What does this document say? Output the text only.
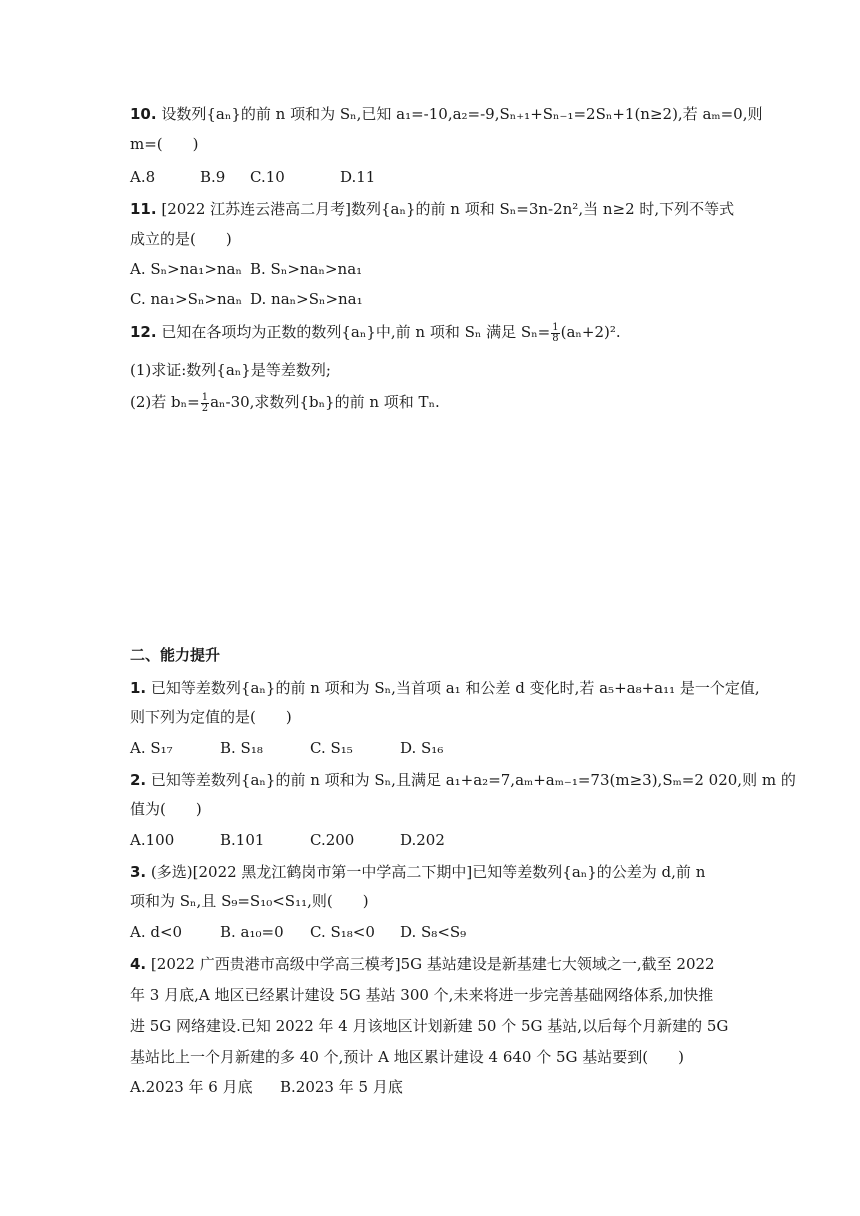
10. 设数列{aₙ}的前 n 项和为 Sₙ,已知 a₁=-10,a₂=-9,Sₙ₊₁+Sₙ₋₁=2Sₙ+1(n≥2),若 aₘ=0,则
m=(　　)
A.8	B.9 C.10	D.11
11. [2022 江苏连云港高二月考]数列{aₙ}的前 n 项和 Sₙ=3n-2n²,当 n≥2 时,下列不等式
成立的是(　　)
A. Sₙ>na₁>naₙ B. Sₙ>naₙ>na₁
C. na₁>Sₙ>naₙ D. naₙ>Sₙ>na₁
12. 已知在各项均为正数的数列{aₙ}中,前 n 项和 Sₙ 满足 $S_n= \frac{1}{8} (a_n+2)^2$.
(1)求证:数列{aₙ}是等差数列;
(2)若 $b_n= \frac{1}{2} a_n-30$,求数列{bₙ}的前 n 项和 Tₙ.
二、能力提升
1. 已知等差数列{aₙ}的前 n 项和为 Sₙ,当首项 a₁ 和公差 d 变化时,若 a₅+a₈+a₁₁ 是一个定值,
则下列为定值的是(　　)
A. S₁₇	B. S₁₈	C. S₁₅	D. S₁₆
2. 已知等差数列{aₙ}的前 n 项和为 Sₙ,且满足 a₁+a₂=7,aₘ+aₘ₋₁=73(m≥3),Sₘ=2 020,则 m 的
值为(　　)
A.100	B.101	C.200	D.202
3. (多选)[2022 黑龙江鹤岗市第一中学高二下期中]已知等差数列{aₙ}的公差为 d,前 n
项和为 Sₙ,且 S₉=S₁₀<S₁₁,则(　　)
A. d<0	B. a₁₀=0 C. S₁₈<0 D. S₈<S₉
4. [2022 广西贵港市高级中学高三模考]5G 基站建设是新基建七大领域之一,截至 2022
年 3 月底,A 地区已经累计建设 5G 基站 300 个,未来将进一步完善基础网络体系,加快推
进 5G 网络建设.已知 2022 年 4 月该地区计划新建 50 个 5G 基站,以后每个月新建的 5G
基站比上一个月新建的多 40 个,预计 A 地区累计建设 4 640 个 5G 基站要到(　　)
A.2023 年 6 月底 B.2023 年 5 月底
